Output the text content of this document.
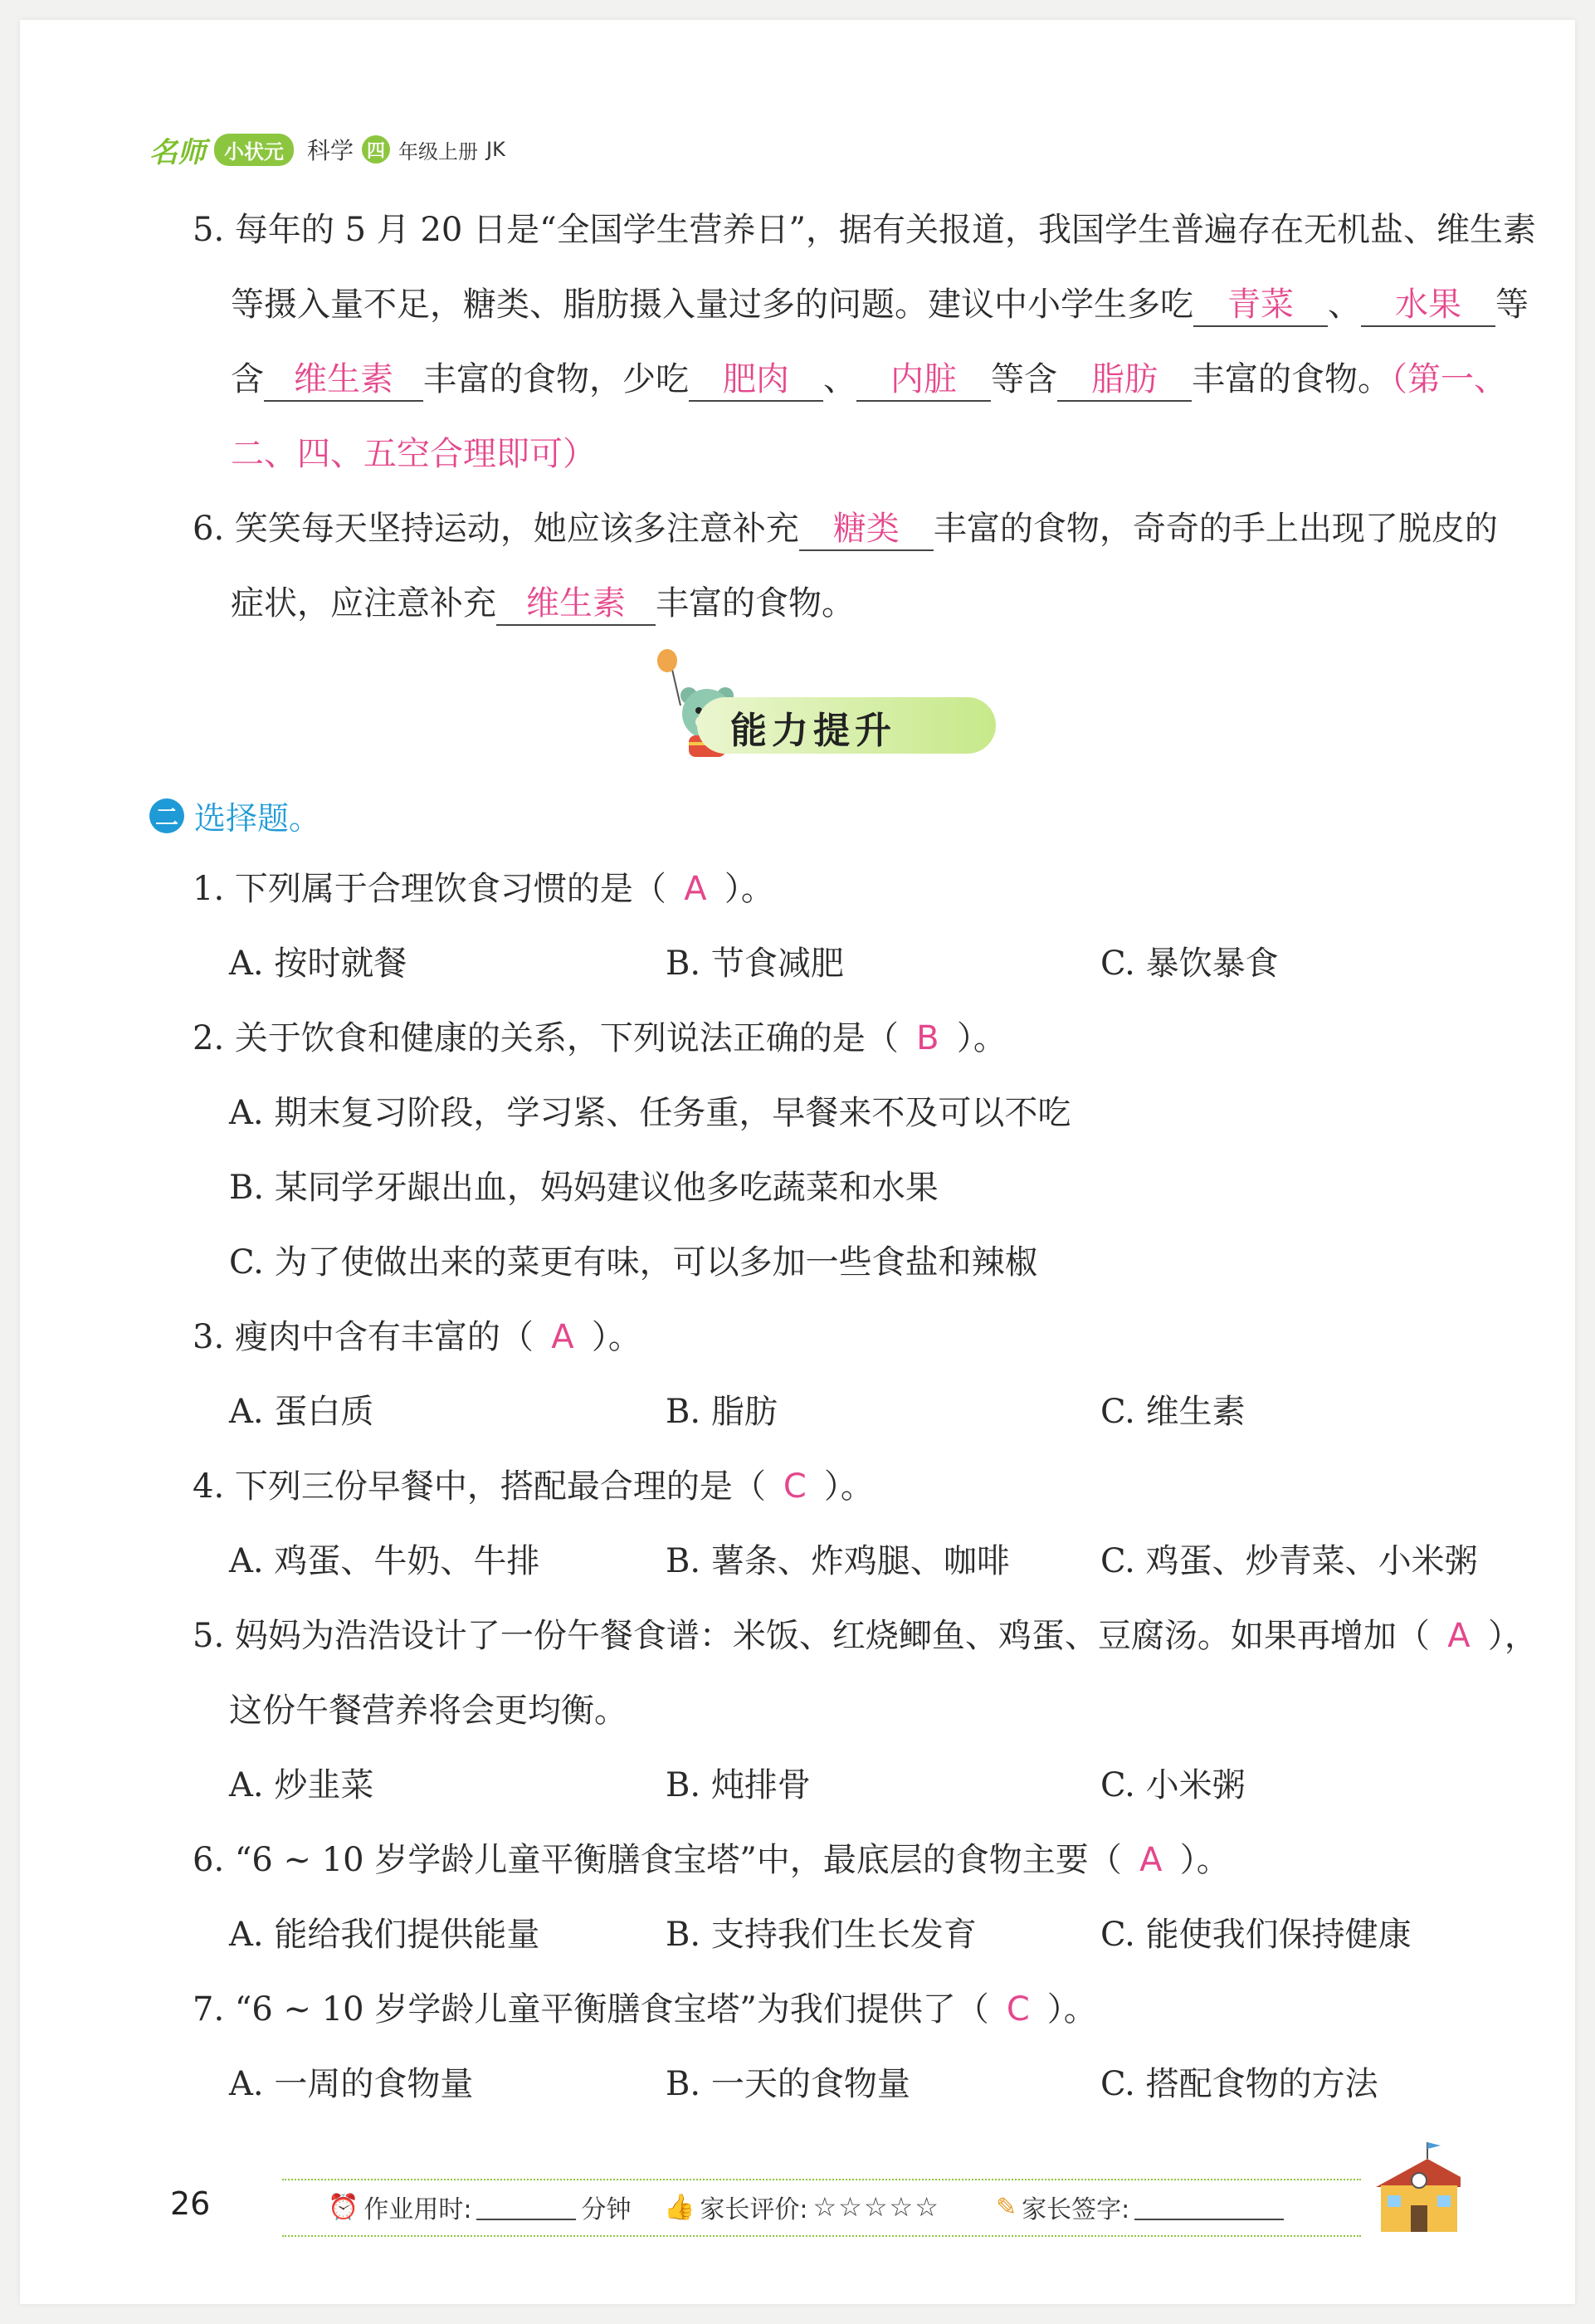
名师 小状元	科学 四 年级上册 JK
5. 每年的 5 月 20 日是“全国学生营养日”，据有关报道，我国学生普遍存在无机盐、维生素
等摄入量不足，糖类、脂肪摄入量过多的问题。建议中小学生多吃 青菜 、 水果 等
含 维生素 丰富的食物，少吃 肥肉 、 内脏 等含 脂肪 丰富的食物。（第一、
二、四、五空合理即可）
6. 笑笑每天坚持运动，她应该多注意补充 糖类 丰富的食物，奇奇的手上出现了脱皮的
症状，应注意补充 维生素 丰富的食物。
能力提升
二 选择题。
1. 下列属于合理饮食习惯的是（ A ）。
A. 按时就餐	B. 节食减肥	C. 暴饮暴食
2. 关于饮食和健康的关系，下列说法正确的是（ B ）。
A. 期末复习阶段，学习紧、任务重，早餐来不及可以不吃
B. 某同学牙龈出血，妈妈建议他多吃蔬菜和水果
C. 为了使做出来的菜更有味，可以多加一些食盐和辣椒
3. 瘦肉中含有丰富的（ A ）。
A. 蛋白质	B. 脂肪	C. 维生素
4. 下列三份早餐中，搭配最合理的是（ C ）。
A. 鸡蛋、牛奶、牛排	B. 薯条、炸鸡腿、咖啡	C. 鸡蛋、炒青菜、小米粥
5. 妈妈为浩浩设计了一份午餐食谱：米饭、红烧鲫鱼、鸡蛋、豆腐汤。如果再增加（ A ），
这份午餐营养将会更均衡。
A. 炒韭菜	B. 炖排骨	C. 小米粥
6. “6 ~ 10 岁学龄儿童平衡膳食宝塔”中，最底层的食物主要（ A ）。
A. 能给我们提供能量	B. 支持我们生长发育	C. 能使我们保持健康
7. “6 ~ 10 岁学龄儿童平衡膳食宝塔”为我们提供了（ C ）。
A. 一周的食物量	B. 一天的食物量	C. 搭配食物的方法
26	⏰ 作业用时:	分钟 👍 家长评价: ☆☆☆☆☆ ✎ 家长签字:
